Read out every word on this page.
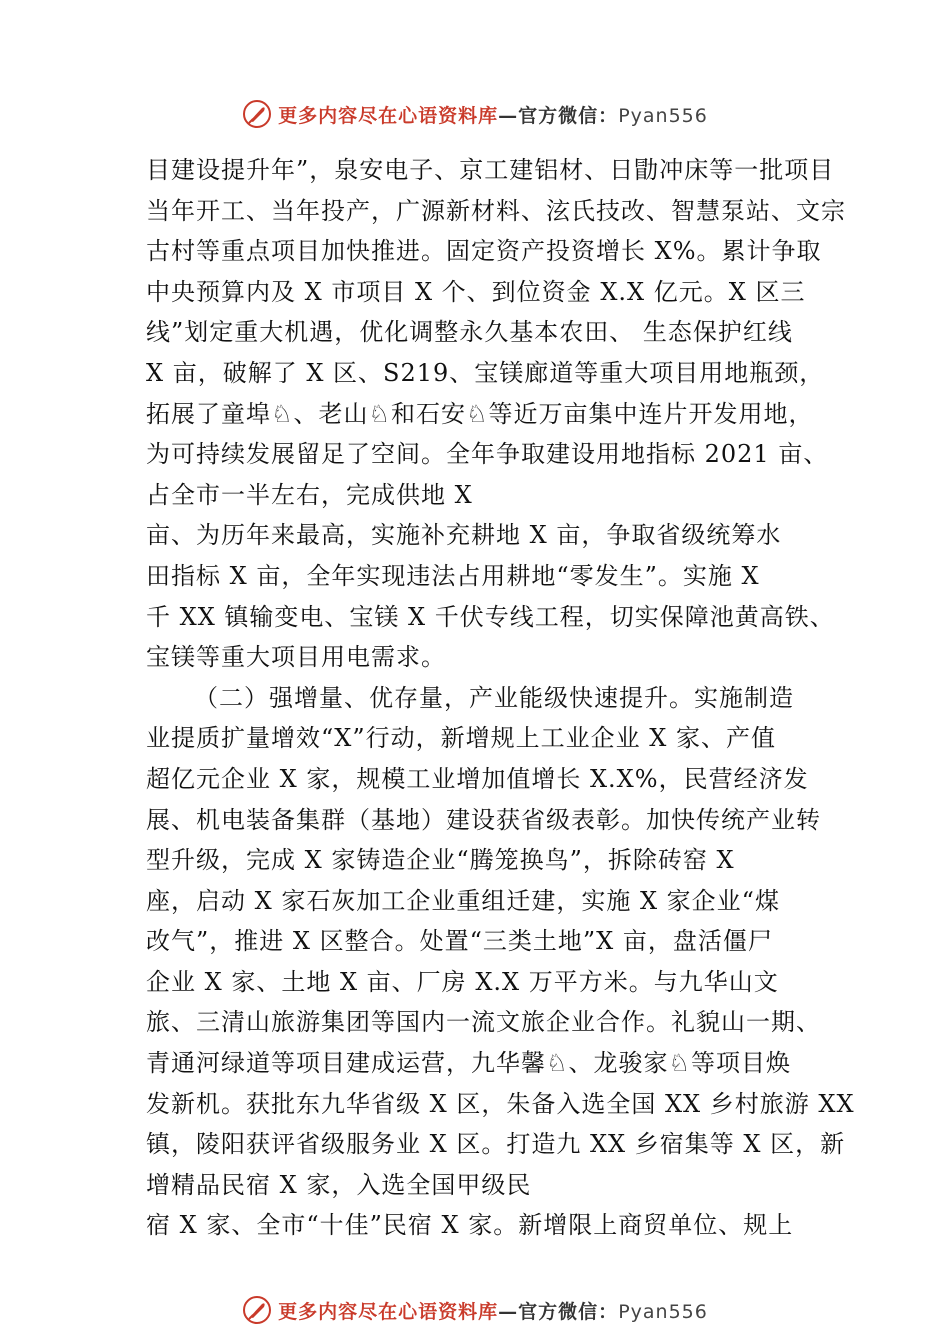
更多内容尽在心语资料库—官方微信：Pyan556
目建设提升年”，泉安电子、京工建铝材、日勖冲床等一批项目
当年开工、当年投产，广源新材料、泫氏技改、智慧泵站、文宗
古村等重点项目加快推进。固定资产投资增长 X%。累计争取
中央预算内及 X 市项目 X 个、到位资金 X.X 亿元。X 区三
线”划定重大机遇，优化调整永久基本农田、 生态保护红线
X 亩，破解了 X 区、S219、宝镁廊道等重大项目用地瓶颈，
拓展了童埠♘、老山♘和石安♘等近万亩集中连片开发用地，
为可持续发展留足了空间。全年争取建设用地指标 2021 亩、
占全市一半左右，完成供地 X
亩、为历年来最高，实施补充耕地 X 亩，争取省级统筹水
田指标 X 亩，全年实现违法占用耕地“零发生”。实施 X
千 XX 镇输变电、宝镁 X 千伏专线工程，切实保障池黄高铁、
宝镁等重大项目用电需求。
（二）强增量、优存量，产业能级快速提升。实施制造
业提质扩量增效“X”行动，新增规上工业企业 X 家、产值
超亿元企业 X 家，规模工业增加值增长 X.X%，民营经济发
展、机电装备集群（基地）建设获省级表彰。加快传统产业转
型升级，完成 X 家铸造企业“腾笼换鸟”，拆除砖窑 X
座，启动 X 家石灰加工企业重组迁建，实施 X 家企业“煤
改气”，推进 X 区整合。处置“三类土地”X 亩，盘活僵尸
企业 X 家、土地 X 亩、厂房 X.X 万平方米。与九华山文
旅、三清山旅游集团等国内一流文旅企业合作。礼貌山一期、
青通河绿道等项目建成运营，九华馨♘、龙骏家♘等项目焕
发新机。获批东九华省级 X 区，朱备入选全国 XX 乡村旅游 XX
镇，陵阳获评省级服务业 X 区。打造九 XX 乡宿集等 X 区，新
增精品民宿 X 家，入选全国甲级民
宿 X 家、全市“十佳”民宿 X 家。新增限上商贸单位、规上
更多内容尽在心语资料库—官方微信：Pyan556
